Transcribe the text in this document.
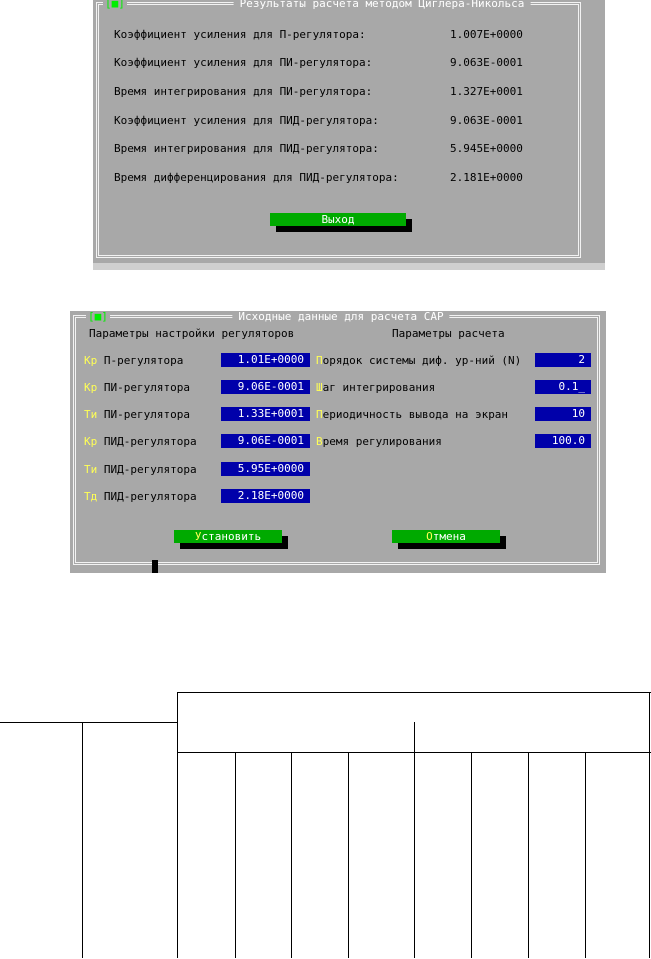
[■]	Результаты расчета методом Циглера-Никольса
Коэффициент усиления для П-регулятора:	1.007E+0000
Коэффициент усиления для ПИ-регулятора:	9.063E-0001
Время интегрирования для ПИ-регулятора:	1.327E+0001
Коэффициент усиления для ПИД-регулятора:	9.063E-0001
Время интегрирования для ПИД-регулятора:	5.945E+0000
Время дифференцирования для ПИД-регулятора:	2.181E+0000
Выход
[■]	Исходные данные для расчета САР
Параметры настройки регуляторов	Параметры расчета
Кр П-регулятора	1.01E+0000
Кр ПИ-регулятора	9.06E-0001
Ти ПИ-регулятора	1.33E+0001
Кр ПИД-регулятора	9.06E-0001
Ти ПИД-регулятора	5.95E+0000
Тд ПИД-регулятора	2.18E+0000
Порядок системы диф. ур-ний (N)	2
Шаг интегрирования	0.1_
Периодичность вывода на экран	10
Время регулирования	100.0
Установить	Отмена
